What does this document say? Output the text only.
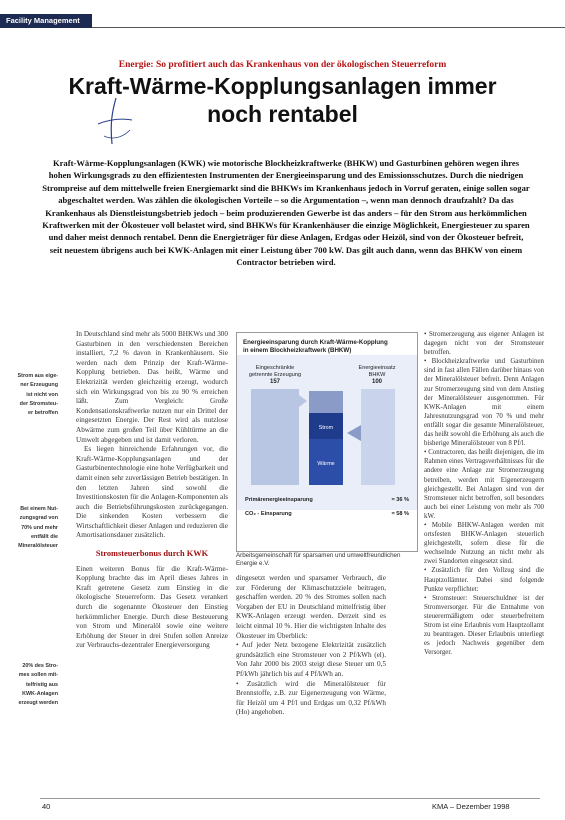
Facility Management
Energie: So profitiert auch das Krankenhaus von der ökologischen Steuerreform
Kraft-Wärme-Kopplungsanlagen immer
noch rentabel
Kraft-Wärme-Kopplungsanlagen (KWK) wie motorische Blockheizkraftwerke (BHKW) und Gasturbinen gehören wegen ihres hohen Wirkungsgrads zu den effizientesten Instrumenten der Energieeinsparung und des Emissionsschutzes. Durch die niedrigen Strompreise auf dem mittelwelle freien Energiemarkt sind die BHKWs im Krankenhaus jedoch in Vorruf geraten, einige sollen sogar abgeschaltet werden. Was zählen die ökologischen Vorteile – so die Argumentation –, wenn man dennoch draufzahlt? Da das Krankenhaus als Dienstleistungsbetrieb jedoch – beim produzierenden Gewerbe ist das anders – für den Strom aus herkömmlichen Kraftwerken mit der Ökosteuer voll belastet wird, sind BHKWs für Krankenhäuser die einzige Möglichkeit, Energiesteuer zu sparen und daher meist dennoch rentabel. Denn die Energieträger für diese Anlagen, Erdgas oder Heizöl, sind von der Ökosteuer befreit, seit neuestem übrigens auch bei KWK-Anlagen mit einer Leistung über 700 kW. Das gilt auch dann, wenn das BHKW von einem Contractor betrieben wird.
Strom aus eige-
ner Erzeugung
ist nicht von
der Stromsteu-
er betroffen
Bei einem Nut-
zungsgrad von
70% und mehr
entfällt die
Mineralölsteuer
20% des Stro-
mes sollen mit-
telfristig aus
KWK-Anlagen
erzeugt werden

In Deutschland sind mehr als 5000 BHKWs und 300 Gasturbinen in den verschiedensten Bereichen installiert, 7,2 % davon in Krankenhäusern. Sie werden nach dem Prinzip der Kraft-Wärme-Kopplung betrieben. Das heißt, Wärme und Elektrizität werden gleichzeitig erzeugt, wodurch sich ein Wirkungsgrad von bis zu 90 % erreichen läßt. Zum Vergleich: Große Kondensationskraftwerke nutzen nur ein Drittel der eingesetzten Energie. Der Rest wird als nutzlose Abwärme zum großen Teil über Kühltürme an die Umwelt abgegeben und ist damit verloren.

Es liegen hinreichende Erfahrungen vor, die Kraft-Wärme-Kopplungsanlagen und der Gasturbinentechnologie eine hohe Verfügbarkeit und damit einen sehr zuverlässigen Betrieb bestätigen. In den letzten Jahren sind sowohl die Investitionskosten für die Anlagen-Komponenten als auch die Betriebsführungskosten zurückgegangen. Die sinkenden Kosten verbessern die Wirtschaftlichkeit dieser Anlagen und reduzieren die Amortisationsdauer zusätzlich.

Stromsteuerbonus durch KWK

Einen weiteren Bonus für die Kraft-Wärme-Kopplung brachte das im April dieses Jahres in Kraft getretene Gesetz zum Einstieg in die ökologische Steuerreform. Das Gesetz verankert durch die sogenannte Ökosteuer den Einstieg herkömmlicher Energie. Durch diese Besteuerung von Strom und Mineralöl sowie eine weitere Erhöhung der Steuer in drei Stufen sollen Anreize zur Verbrauchs-dezentraler Energieversorgung

Energieeinsparung durch Kraft-Wärme-Kopplung
in einem Blockheizkraftwerk (BHKW)
Eingeschränkte
getrennte Erzeugung
157
Energieeinsatz
BHKW
100
Strom
Wärme
Primärenergieeinsparung	≈ 36 %
CO₂ - Einsparung	≈ 58 %
Arbeitsgemeinschaft für sparsamen und umweltfreundlichen Energie e.V.

dingesetzt werden und sparsamer Verbrauch, die zur Förderung der Klimaschutzziele beitragen, geschaffen werden. 20 % des Stromes sollen nach Vorgaben der EU in Deutschland mittelfristig über KWK-Anlagen erzeugt werden. Derzeit sind es leicht einmal 10 %. Hier die wichtigsten Inhalte des Ökosteuer im Überblick:

• Auf jeder Netz bezogene Elektrizität zusätzlich grundsätzlich eine Stromsteuer von 2 Pf/kWh (el). Von Jahr 2000 bis 2003 steigt diese Steuer um 0,5 Pf/kWh jährlich bis auf 4 Pf/kWh an.

• Zusätzlich wird die Mineralölsteuer für Brennstoffe, z.B. zur Eigenerzeugung von Wärme, für Heizöl um 4 Pf/l und Erdgas um 0,32 Pf/kWh (Ho) angehoben.

• Stromerzeugung aus eigener Anlagen ist dagegen nicht von der Stromsteuer betroffen.

• Blockheizkraftwerke und Gasturbinen sind in fast allen Fällen darüber hinaus von der Mineralölsteuer befreit. Denn Anlagen zur Stromerzeugung sind von dem Anstieg der Mineralölsteuer ausgenommen. Für KWK-Anlagen mit einem Jahresnutzungsgrad von 70 % und mehr entfällt sogar die gesamte Mineralölsteuer, das heißt sowohl die Erhöhung als auch die bisherige Mineralölsteuer von 8 Pf/l.

• Contractoren, das heißt diejenigen, die im Rahmen eines Vertragsverhältnisses für die andere eine Anlage zur Stromerzeugung betreiben, werden mit Eigenerzeugern gleichgestellt. Bei Anlagen sind von der Stromsteuer nicht betroffen, soll besonders auch bei einer Leistung von mehr als 700 kW.

• Mobile BHKW-Anlagen werden mit ortsfesten BHKW-Anlagen steuerlich gleichgestellt, sofern diese für die wechselnde Nutzung an nicht mehr als zwei Standorten eingesetzt sind.

• Zusätzlich für den Vollzug sind die Hauptzollämter. Dabei sind folgende Punkte verpflichtet:

• Stromsteuer: Steuerschuldner ist der Stromversorger. Für die Entnahme von steuerermäßigtem oder steuerbefreitem Strom ist eine Erlaubnis vom Hauptzollamt zu beantragen. Dieser Erlaubnis unterliegt es jedoch Nachweis gegenüber dem Versorger.

40	KMA – Dezember 1998
